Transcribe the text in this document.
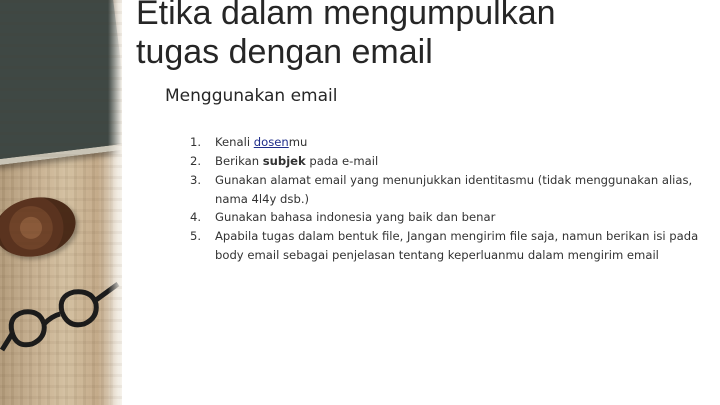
Etika dalam mengumpulkan
tugas dengan email
Menggunakan email
1.	Kenali dosenmu
2.	Berikan subjek pada e-mail
3.	Gunakan alamat email yang menunjukkan identitasmu (tidak menggunakan alias, nama 4l4y dsb.)
4.	Gunakan bahasa indonesia yang baik dan benar
5.	Apabila tugas dalam bentuk file, Jangan mengirim file saja, namun berikan isi pada body email sebagai penjelasan tentang keperluanmu dalam mengirim email
